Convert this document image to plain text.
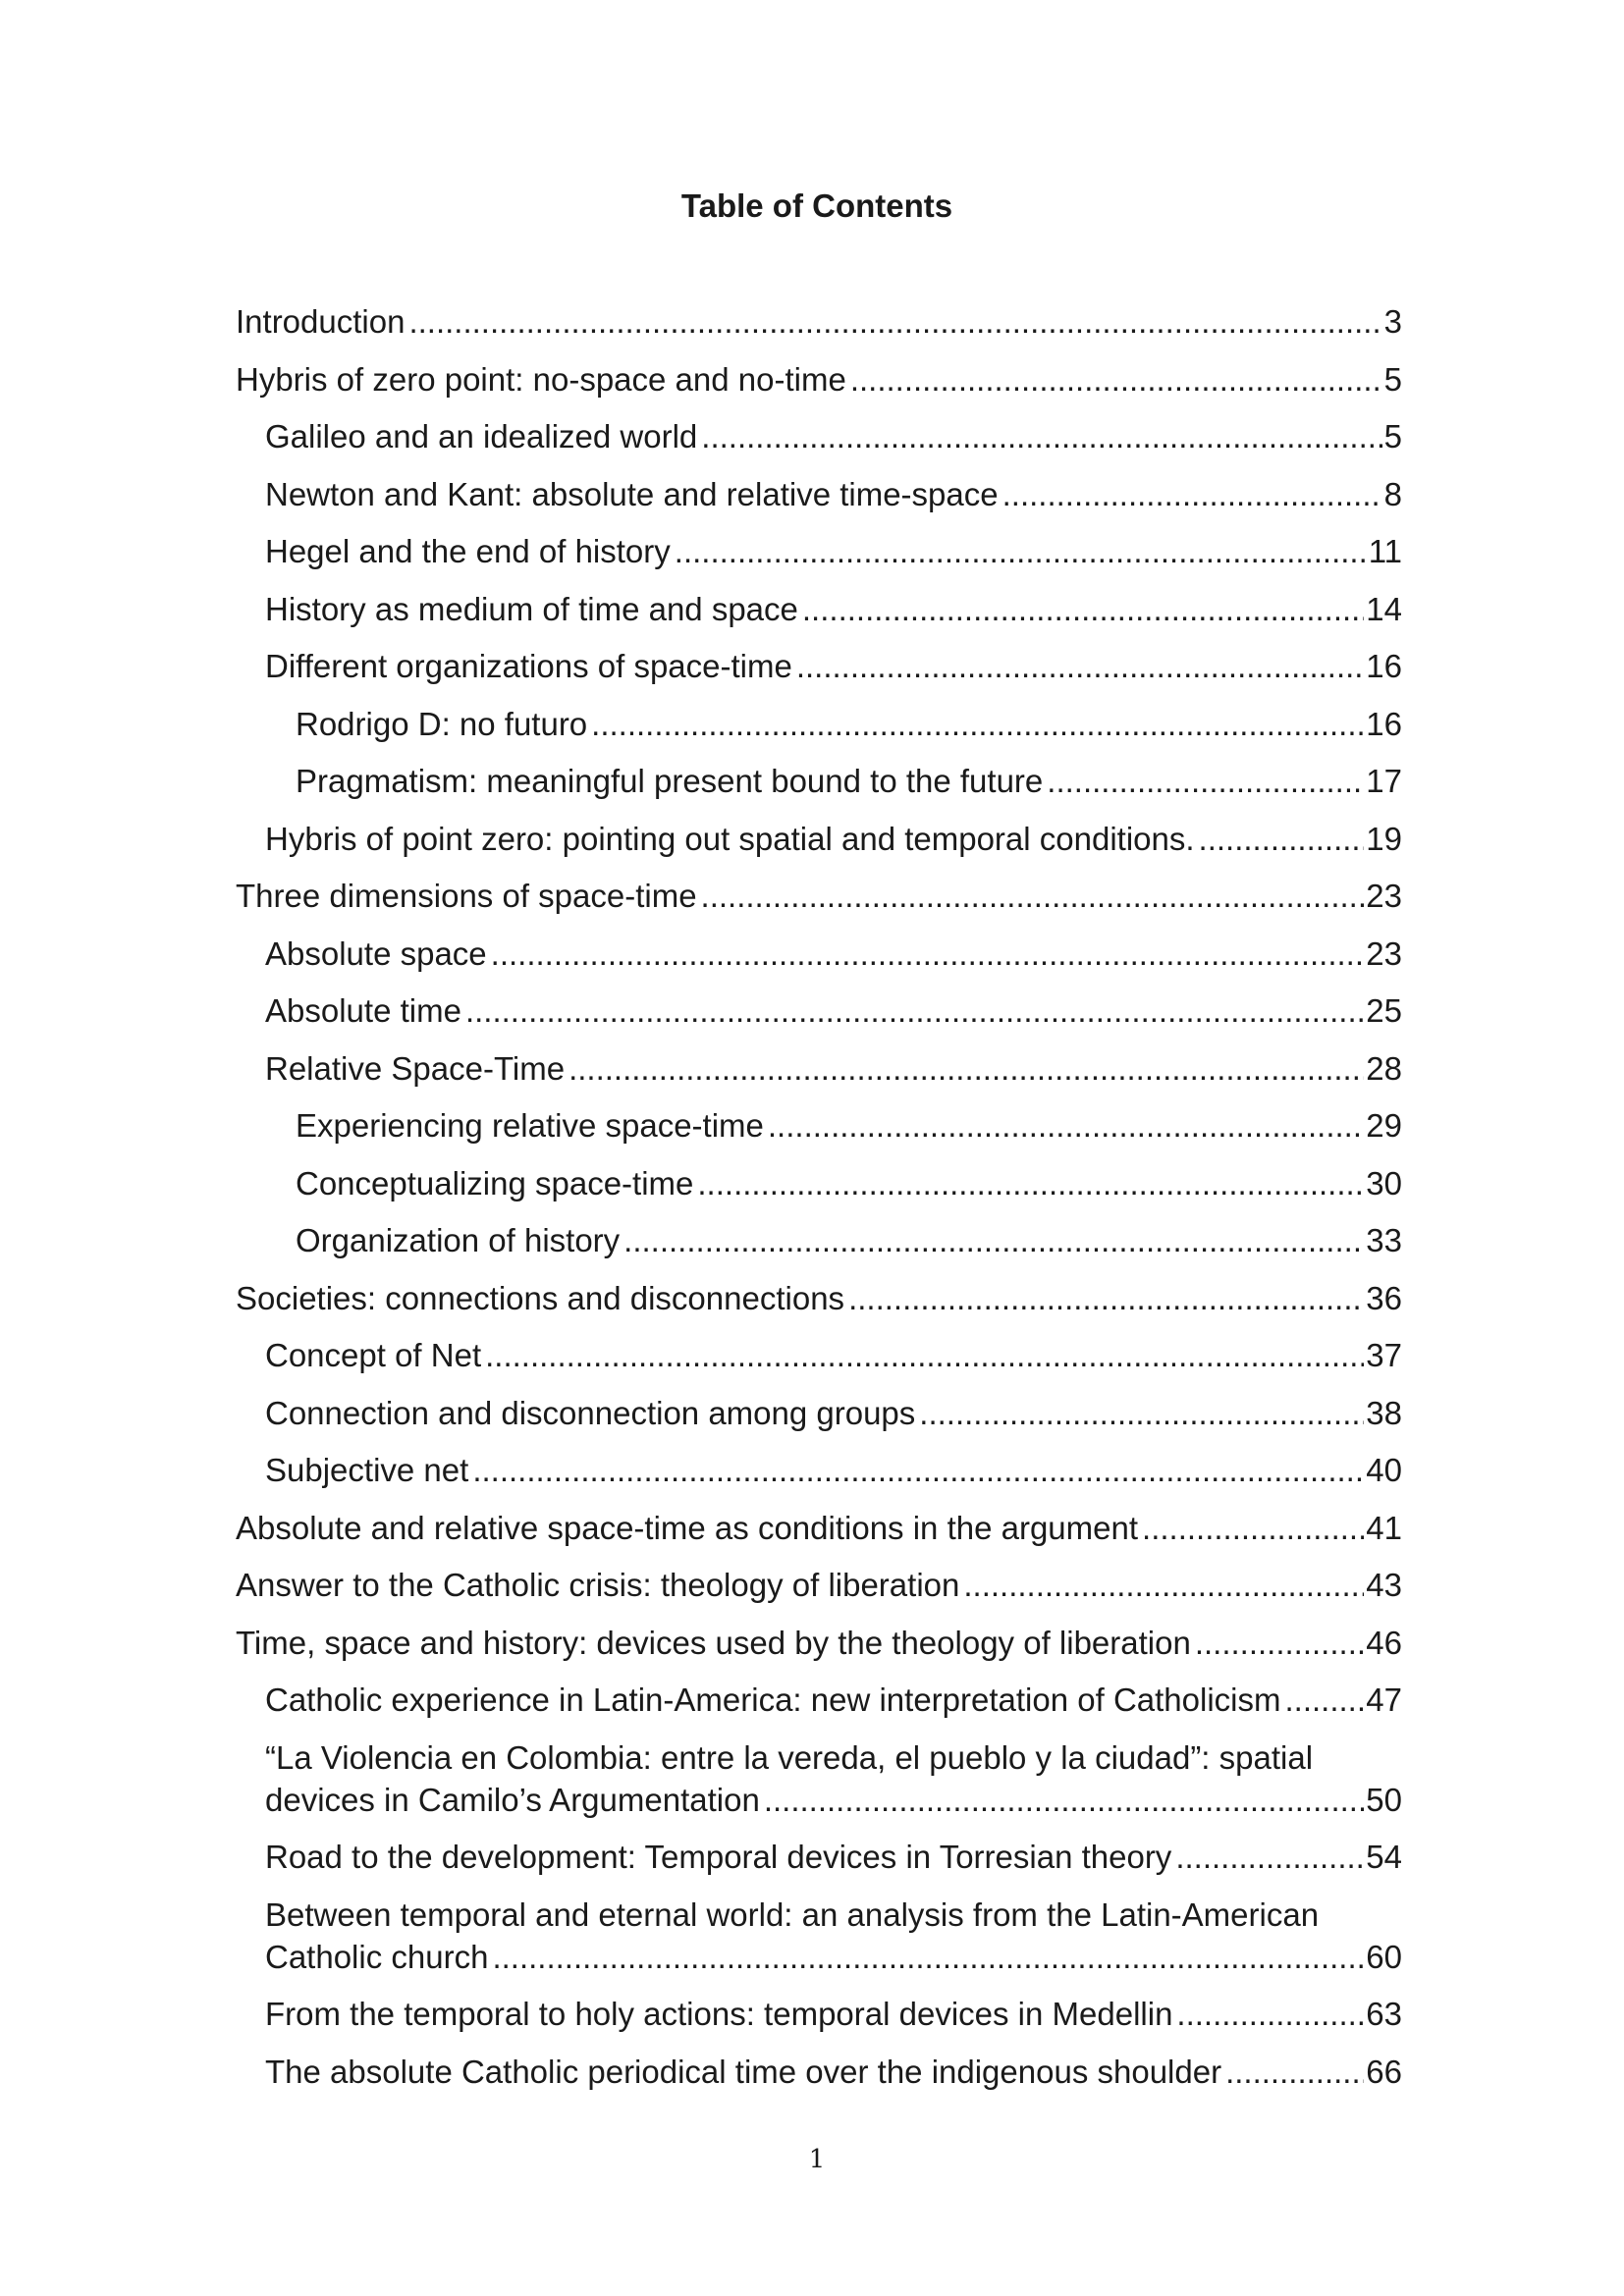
Table of Contents
Introduction .....	3
Hybris of zero point: no-space and no-time .....	5
Galileo and an idealized world .....	5
Newton and Kant: absolute and relative time-space .....	8
Hegel and the end of history .....	11
History as medium of time and space .....	14
Different organizations of space-time .....	16
Rodrigo D: no futuro .....	16
Pragmatism: meaningful present bound to the future .....	17
Hybris of point zero: pointing out spatial and temporal conditions. .....	19
Three dimensions of space-time .....	23
Absolute space .....	23
Absolute time .....	25
Relative Space-Time .....	28
Experiencing relative space-time .....	29
Conceptualizing space-time .....	30
Organization of history .....	33
Societies: connections and disconnections .....	36
Concept of Net .....	37
Connection and disconnection among groups .....	38
Subjective net .....	40
Absolute and relative space-time as conditions in the argument .....	41
Answer to the Catholic crisis: theology of liberation .....	43
Time, space and history: devices used by the theology of liberation .....	46
Catholic experience in Latin-America: new interpretation of Catholicism .....	47
“La Violencia en Colombia: entre la vereda, el pueblo y la ciudad”: spatial
devices in Camilo’s Argumentation .....	50
Road to the development: Temporal devices in Torresian theory .....	54
Between temporal and eternal world: an analysis from the Latin-American
Catholic church .....	60
From the temporal to holy actions: temporal devices in Medellin .....	63
The absolute Catholic periodical time over the indigenous shoulder .....	66
1
